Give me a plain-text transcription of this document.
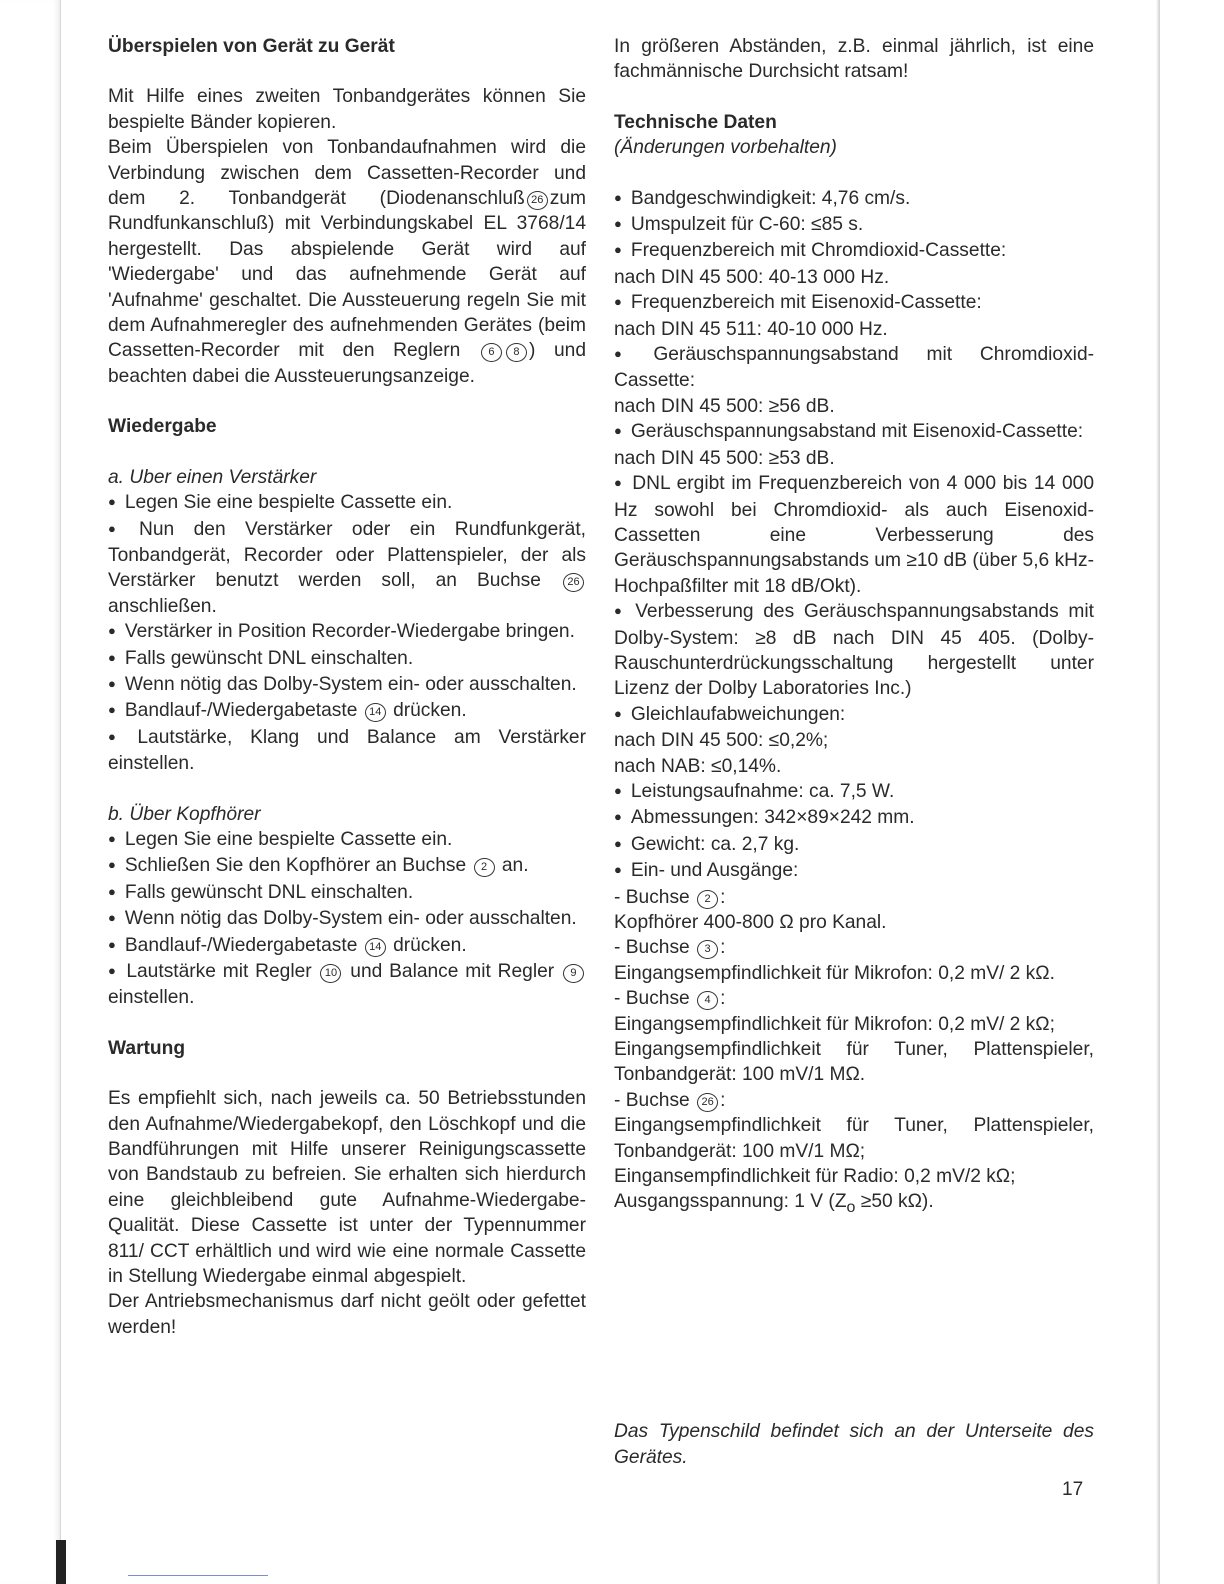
Überspielen von Gerät zu Gerät

Mit Hilfe eines zweiten Tonbandgerätes können Sie bespielte Bänder kopieren.

Beim Überspielen von Tonbandaufnahmen wird die Verbindung zwischen dem Cassetten-Recorder und dem 2. Tonbandgerät (Diodenanschluß 26 zum Rundfunkanschluß) mit Verbindungskabel EL 3768/14 hergestellt. Das abspielende Gerät wird auf 'Wiedergabe' und das aufnehmende Gerät auf 'Aufnahme' geschaltet. Die Aussteuerung regeln Sie mit dem Aufnahmeregler des aufnehmenden Gerätes (beim Cassetten-Recorder mit den Reglern	6 8 ) und beachten dabei die Aussteuerungsanzeige.

Wiedergabe

a. Uber einen Verstärker

● Legen Sie eine bespielte Cassette ein.

● Nun den Verstärker oder ein Rundfunkgerät, Tonbandgerät, Recorder oder Plattenspieler, der als Verstärker benutzt werden soll, an Buchse 26 anschließen.

● Verstärker in Position Recorder-Wiedergabe bringen.

● Falls gewünscht DNL einschalten.

● Wenn nötig das Dolby-System ein- oder ausschalten.

● Bandlauf-/Wiedergabetaste 14 drücken.

● Lautstärke, Klang und Balance am Verstärker einstellen.

b. Über Kopfhörer

● Legen Sie eine bespielte Cassette ein.

● Schließen Sie den Kopfhörer an Buchse 2 an.

● Falls gewünscht DNL einschalten.

● Wenn nötig das Dolby-System ein- oder ausschalten.

● Bandlauf-/Wiedergabetaste 14 drücken.

● Lautstärke mit Regler 10 und Balance mit Regler 9 einstellen.

Wartung

Es empfiehlt sich, nach jeweils ca. 50 Betriebsstunden den Aufnahme/Wiedergabekopf, den Löschkopf und die Bandführungen mit Hilfe unserer Reinigungscassette von Bandstaub zu befreien. Sie erhalten sich hierdurch eine gleichbleibend gute Aufnahme-Wiedergabe-Qualität. Diese Cassette ist unter der Typennummer 811/ CCT erhältlich und wird wie eine normale Cassette in Stellung Wiedergabe einmal abgespielt.

Der Antriebsmechanismus darf nicht geölt oder gefettet werden!

In größeren Abständen, z.B. einmal jährlich, ist eine fachmännische Durchsicht ratsam!

Technische Daten

(Änderungen vorbehalten)

● Bandgeschwindigkeit: 4,76 cm/s.

● Umspulzeit für C-60: ≤85 s.

● Frequenzbereich mit Chromdioxid-Cassette:

nach DIN 45 500: 40-13 000 Hz.

● Frequenzbereich mit Eisenoxid-Cassette:

nach DIN 45 511: 40-10 000 Hz.

● Geräuschspannungsabstand mit Chromdioxid-Cassette:

nach DIN 45 500: ≥56 dB.

● Geräuschspannungsabstand mit Eisenoxid-Cassette:

nach DIN 45 500: ≥53 dB.

● DNL ergibt im Frequenzbereich von 4 000 bis 14 000 Hz sowohl bei Chromdioxid- als auch Eisenoxid-Cassetten eine Verbesserung des Geräuschspannungsabstands um ≥10 dB (über 5,6 kHz-Hochpaßfilter mit 18 dB/Okt).

● Verbesserung des Geräuschspannungsabstands mit Dolby-System: ≥8 dB nach DIN 45 405. (Dolby-Rauschunterdrückungsschaltung hergestellt unter Lizenz der Dolby Laboratories Inc.)

● Gleichlaufabweichungen:

nach DIN 45 500: ≤0,2%;

nach NAB: ≤0,14%.

● Leistungsaufnahme: ca. 7,5 W.

● Abmessungen: 342×89×242 mm.

● Gewicht: ca. 2,7 kg.

● Ein- und Ausgänge:

- Buchse 2 :

Kopfhörer 400-800 Ω pro Kanal.

- Buchse 3 :

Eingangsempfindlichkeit für Mikrofon: 0,2 mV/ 2 kΩ.

- Buchse 4 :

Eingangsempfindlichkeit für Mikrofon: 0,2 mV/ 2 kΩ;

Eingangsempfindlichkeit für Tuner, Plattenspieler, Tonbandgerät: 100 mV/1 MΩ.

- Buchse 26 :

Eingangsempfindlichkeit für Tuner, Plattenspieler, Tonbandgerät: 100 mV/1 MΩ;

Eingansempfindlichkeit für Radio: 0,2 mV/2 kΩ;

Ausgangsspannung: 1 V ($Z_o \ge 50$ kΩ).

Das Typenschild befindet sich an der Unterseite des Gerätes.

17
